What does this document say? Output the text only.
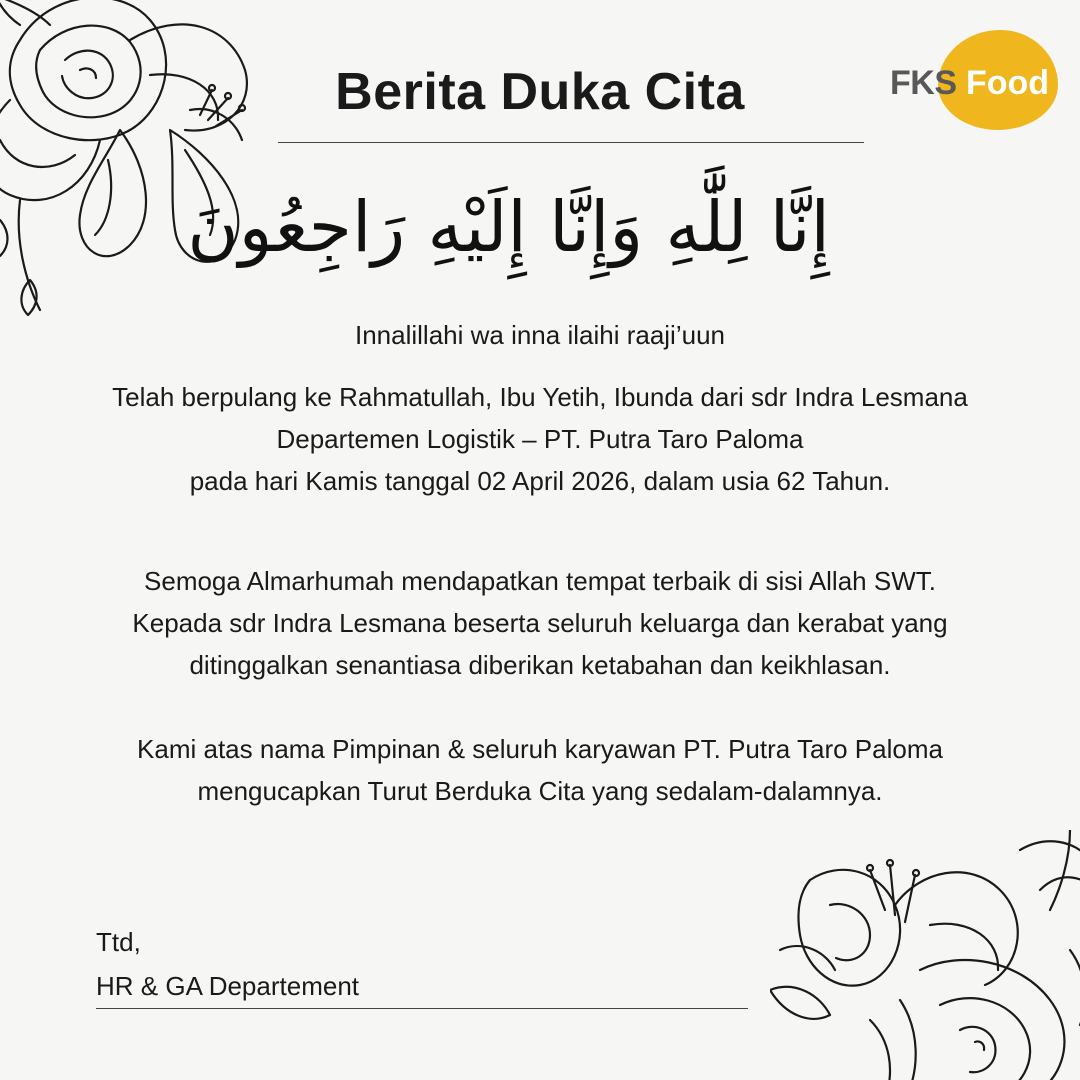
Berita Duka Cita	FKS Food
إِنَّا لِلَّٰهِ وَإِنَّا إِلَيْهِ رَاجِعُونَ

Innalillahi wa inna ilaihi raaji’uun

Telah berpulang ke Rahmatullah, Ibu Yetih, Ibunda dari sdr Indra Lesmana
Departemen Logistik – PT. Putra Taro Paloma
pada hari Kamis tanggal 02 April 2026, dalam usia 62 Tahun.

Semoga Almarhumah mendapatkan tempat terbaik di sisi Allah SWT.
Kepada sdr Indra Lesmana beserta seluruh keluarga dan kerabat yang
ditinggalkan senantiasa diberikan ketabahan dan keikhlasan.

Kami atas nama Pimpinan & seluruh karyawan PT. Putra Taro Paloma
mengucapkan Turut Berduka Cita yang sedalam-dalamnya.

Ttd,
HR & GA Departement
